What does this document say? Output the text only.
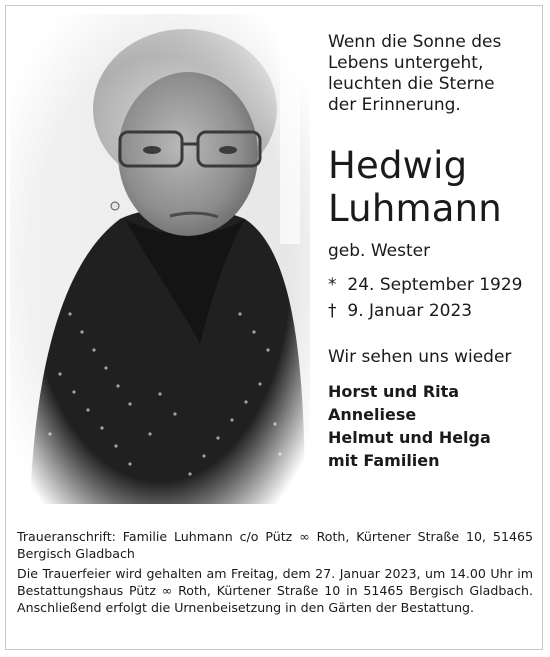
Wenn die Sonne des
Lebens untergeht,
leuchten die Sterne
der Erinnerung.
Hedwig
Luhmann
geb. Wester
* 24. September 1929
† 9. Januar 2023
Wir sehen uns wieder
Horst und Rita
Anneliese
Helmut und Helga
mit Familien

Traueranschrift: Familie Luhmann c/o Pütz ∞ Roth, Kürtener Straße 10, 51465 Bergisch Gladbach

Die Trauerfeier wird gehalten am Freitag, dem 27. Januar 2023, um 14.00 Uhr im Bestattungshaus Pütz ∞ Roth, Kürtener Straße 10 in 51465 Bergisch Gladbach. Anschließend erfolgt die Urnenbeisetzung in den Gärten der Bestattung.
